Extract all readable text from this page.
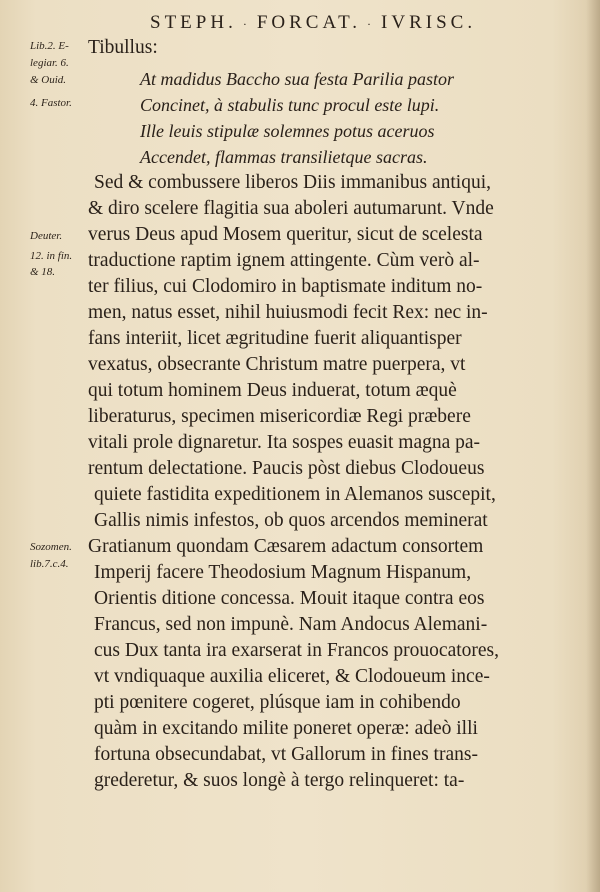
STEPH. · FORCAT. · IVRISC.
Lib.2. E-
legiar. 6.
& Ouid.
4. Fastor.
Deuter.
12. in fin.
& 18.
Sozomen.
lib.7.c.4.
Tibullus:
At madidus Baccho sua festa Parilia pastor
Concinet, à stabulis tunc procul este lupi.
Ille leuis stipulæ solemnes potus aceruos
Accendet, flammas transilietque sacras.
Sed & combussere liberos Diis immanibus antiqui,
& diro scelere flagitia sua aboleri autumarunt. Vnde
verus Deus apud Mosem queritur, sicut de scelesta
traductione raptim ignem attingente. Cùm verò al-
ter filius, cui Clodomiro in baptismate inditum no-
men, natus esset, nihil huiusmodi fecit Rex: nec in-
fans interiit, licet ægritudine fuerit aliquantisper
vexatus, obsecrante Christum matre puerpera, vt
qui totum hominem Deus induerat, totum æquè
liberaturus, specimen misericordiæ Regi præbere
vitali prole dignaretur. Ita sospes euasit magna pa-
rentum delectatione. Paucis pòst diebus Clodoueus
quiete fastidita expeditionem in Alemanos suscepit,
Gallis nimis infestos, ob quos arcendos meminerat
Gratianum quondam Cæsarem adactum consortem
Imperij facere Theodosium Magnum Hispanum,
Orientis ditione concessa. Mouit itaque contra eos
Francus, sed non impunè. Nam Andocus Alemani-
cus Dux tanta ira exarserat in Francos prouocatores,
vt vndiquaque auxilia eliceret, & Clodoueum ince-
pti pœnitere cogeret, plúsque iam in cohibendo
quàm in excitando milite poneret operæ: adeò illi
fortuna obsecundabat, vt Gallorum in fines trans-
grederetur, & suos longè à tergo relinqueret: ta-
